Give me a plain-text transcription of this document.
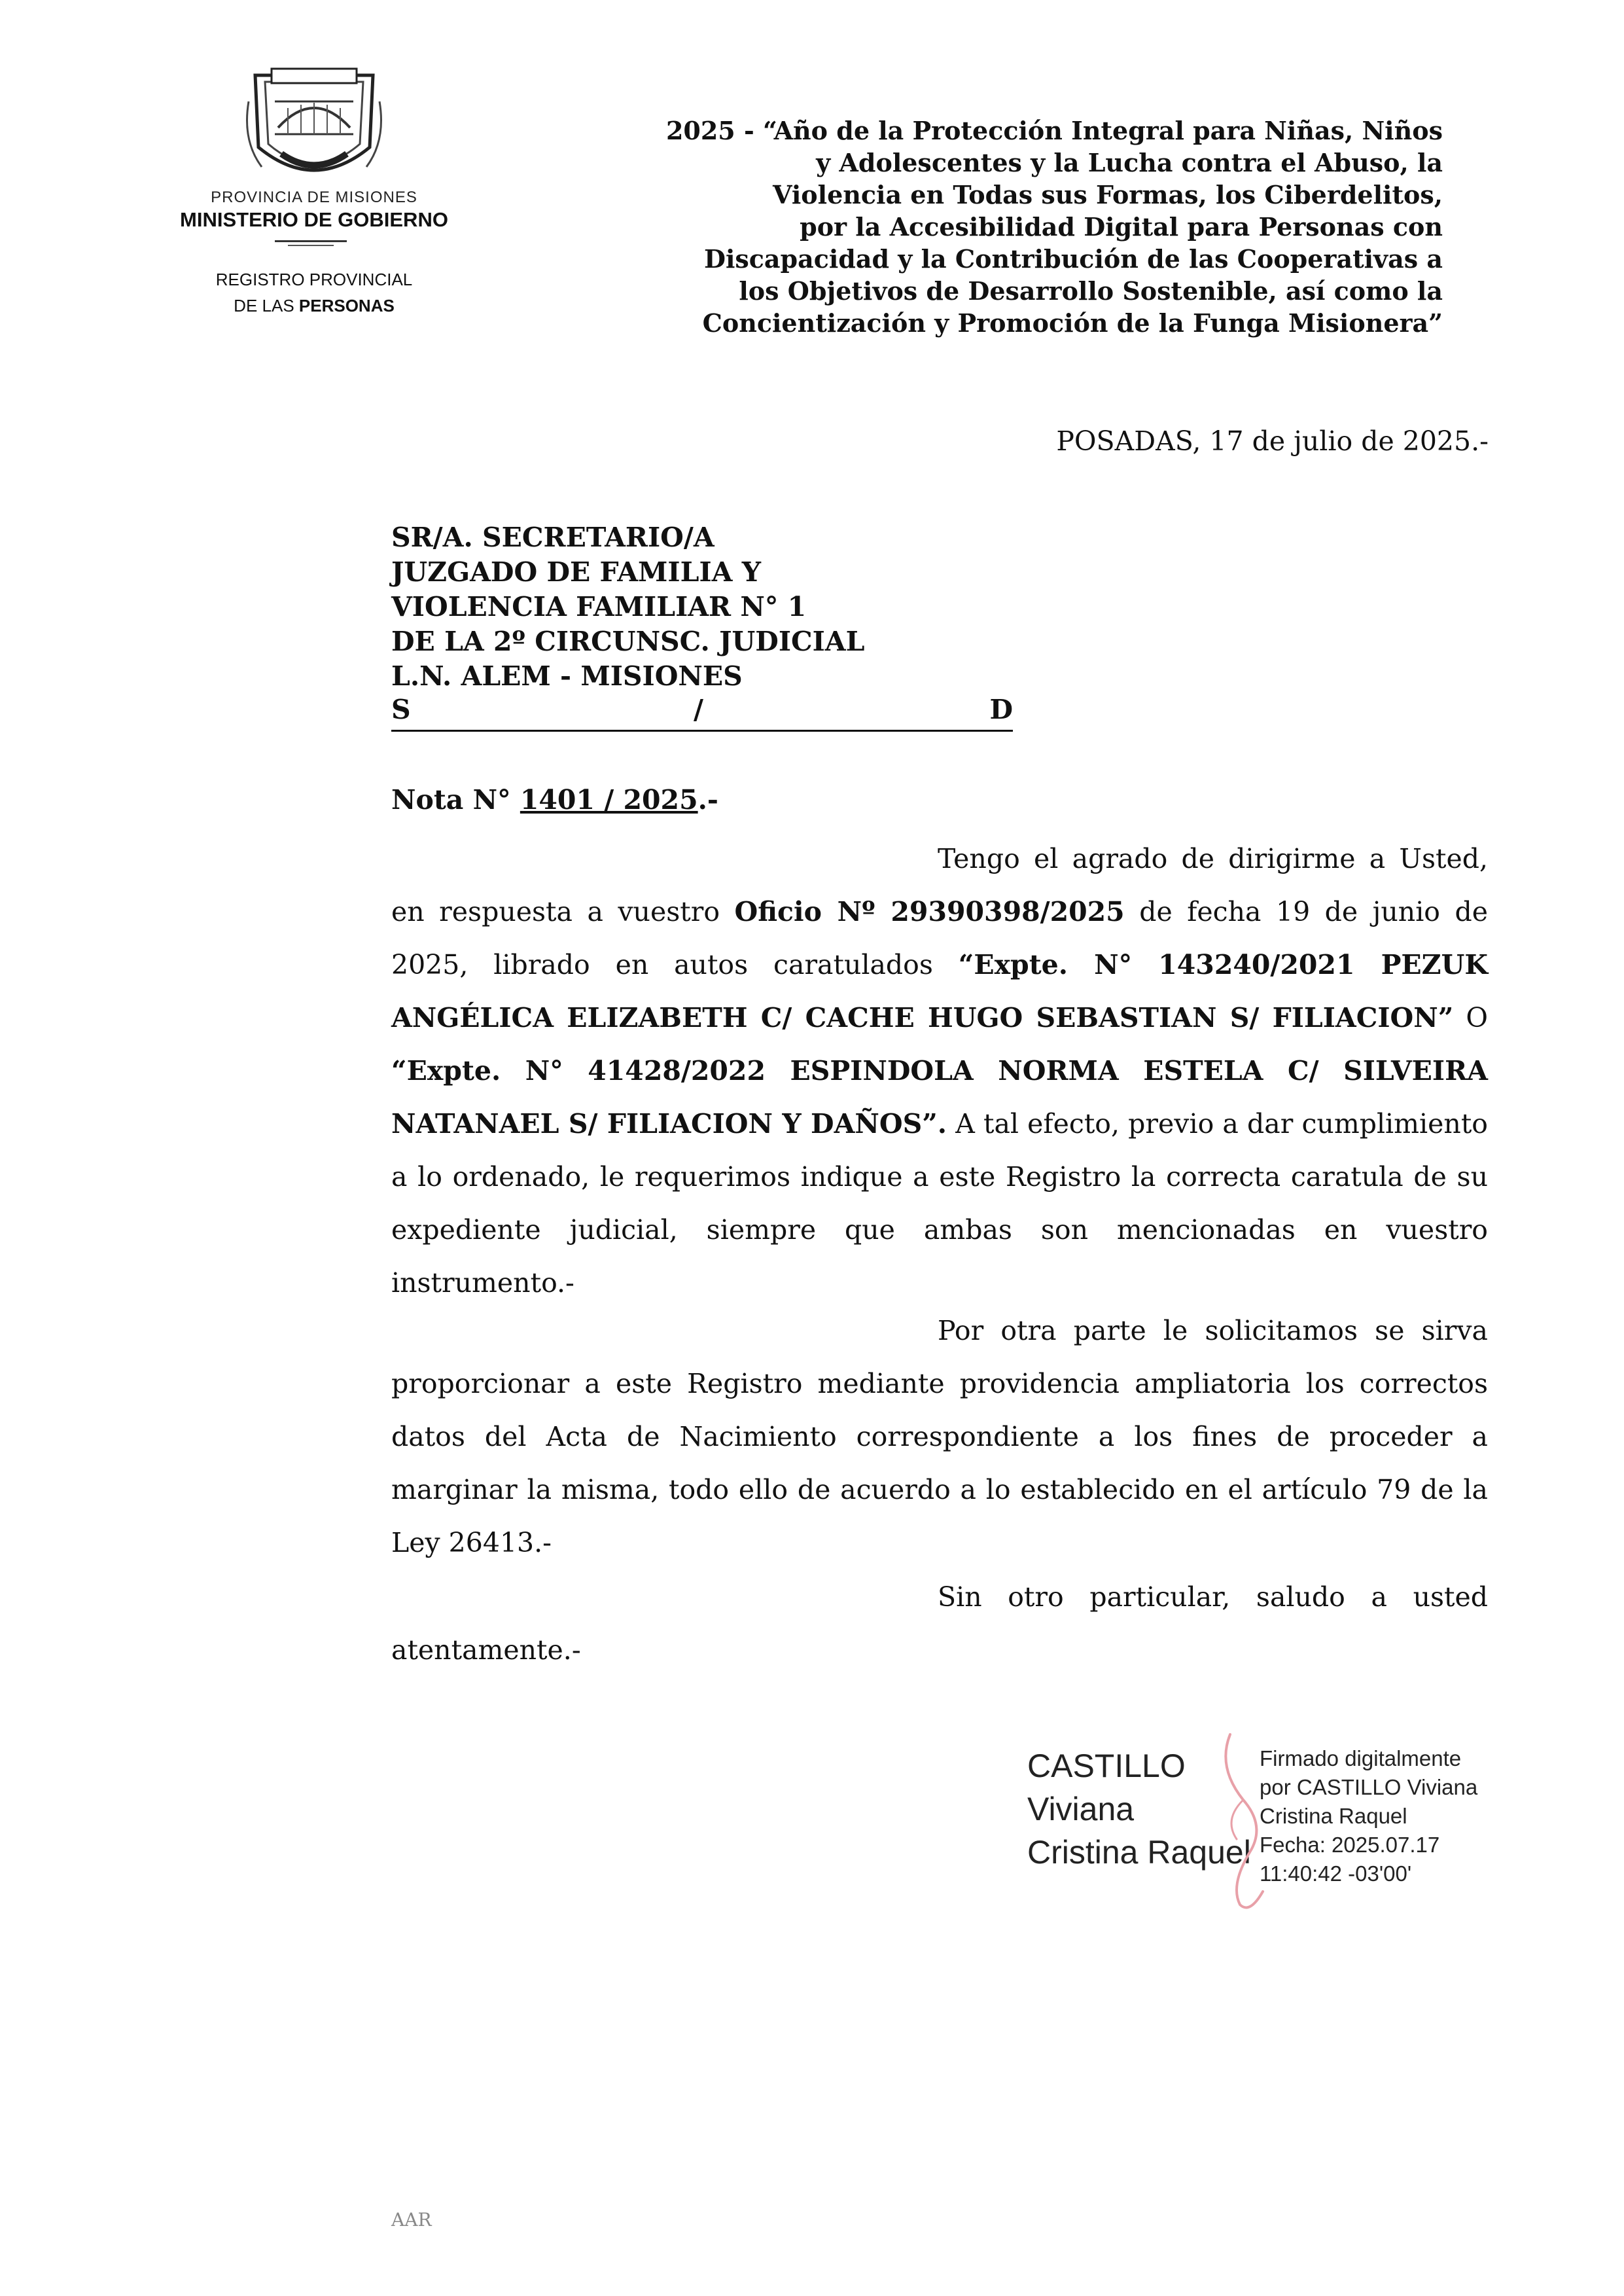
PROVINCIA DE MISIONES
MINISTERIO DE GOBIERNO
REGISTRO PROVINCIAL
DE LAS PERSONAS
2025 - “Año de la Protección Integral para Niñas, Niños
y Adolescentes y la Lucha contra el Abuso, la
Violencia en Todas sus Formas, los Ciberdelitos,
por la Accesibilidad Digital para Personas con
Discapacidad y la Contribución de las Cooperativas a
los Objetivos de Desarrollo Sostenible, así como la
Concientización y Promoción de la Funga Misionera”
POSADAS, 17 de julio de 2025.-
SR/A. SECRETARIO/A
JUZGADO DE FAMILIA Y
VIOLENCIA FAMILIAR N° 1
DE LA 2º CIRCUNSC. JUDICIAL
L.N. ALEM - MISIONES
S	/	D
Nota N° 1401 / 2025.-
Tengo el agrado de dirigirme a Usted, en respuesta a vuestro Oficio Nº 29390398/2025 de fecha 19 de junio de 2025, librado en autos caratulados “Expte. N° 143240/2021 PEZUK ANGÉLICA ELIZABETH C/ CACHE HUGO SEBASTIAN S/ FILIACION” O “Expte. N° 41428/2022 ESPINDOLA NORMA ESTELA C/ SILVEIRA NATANAEL S/ FILIACION Y DAÑOS”. A tal efecto, previo a dar cumplimiento a lo ordenado, le requerimos indique a este Registro la correcta caratula de su expediente judicial, siempre que ambas son mencionadas en vuestro instrumento.-
Por otra parte le solicitamos se sirva proporcionar a este Registro mediante providencia ampliatoria los correctos datos del Acta de Nacimiento correspondiente a los fines de proceder a marginar la misma, todo ello de acuerdo a lo establecido en el artículo 79 de la Ley 26413.-
Sin otro particular, saludo a usted atentamente.-
CASTILLO
Viviana
Cristina Raquel
Firmado digitalmente
por CASTILLO Viviana
Cristina Raquel
Fecha: 2025.07.17
11:40:42 -03'00'
AAR
